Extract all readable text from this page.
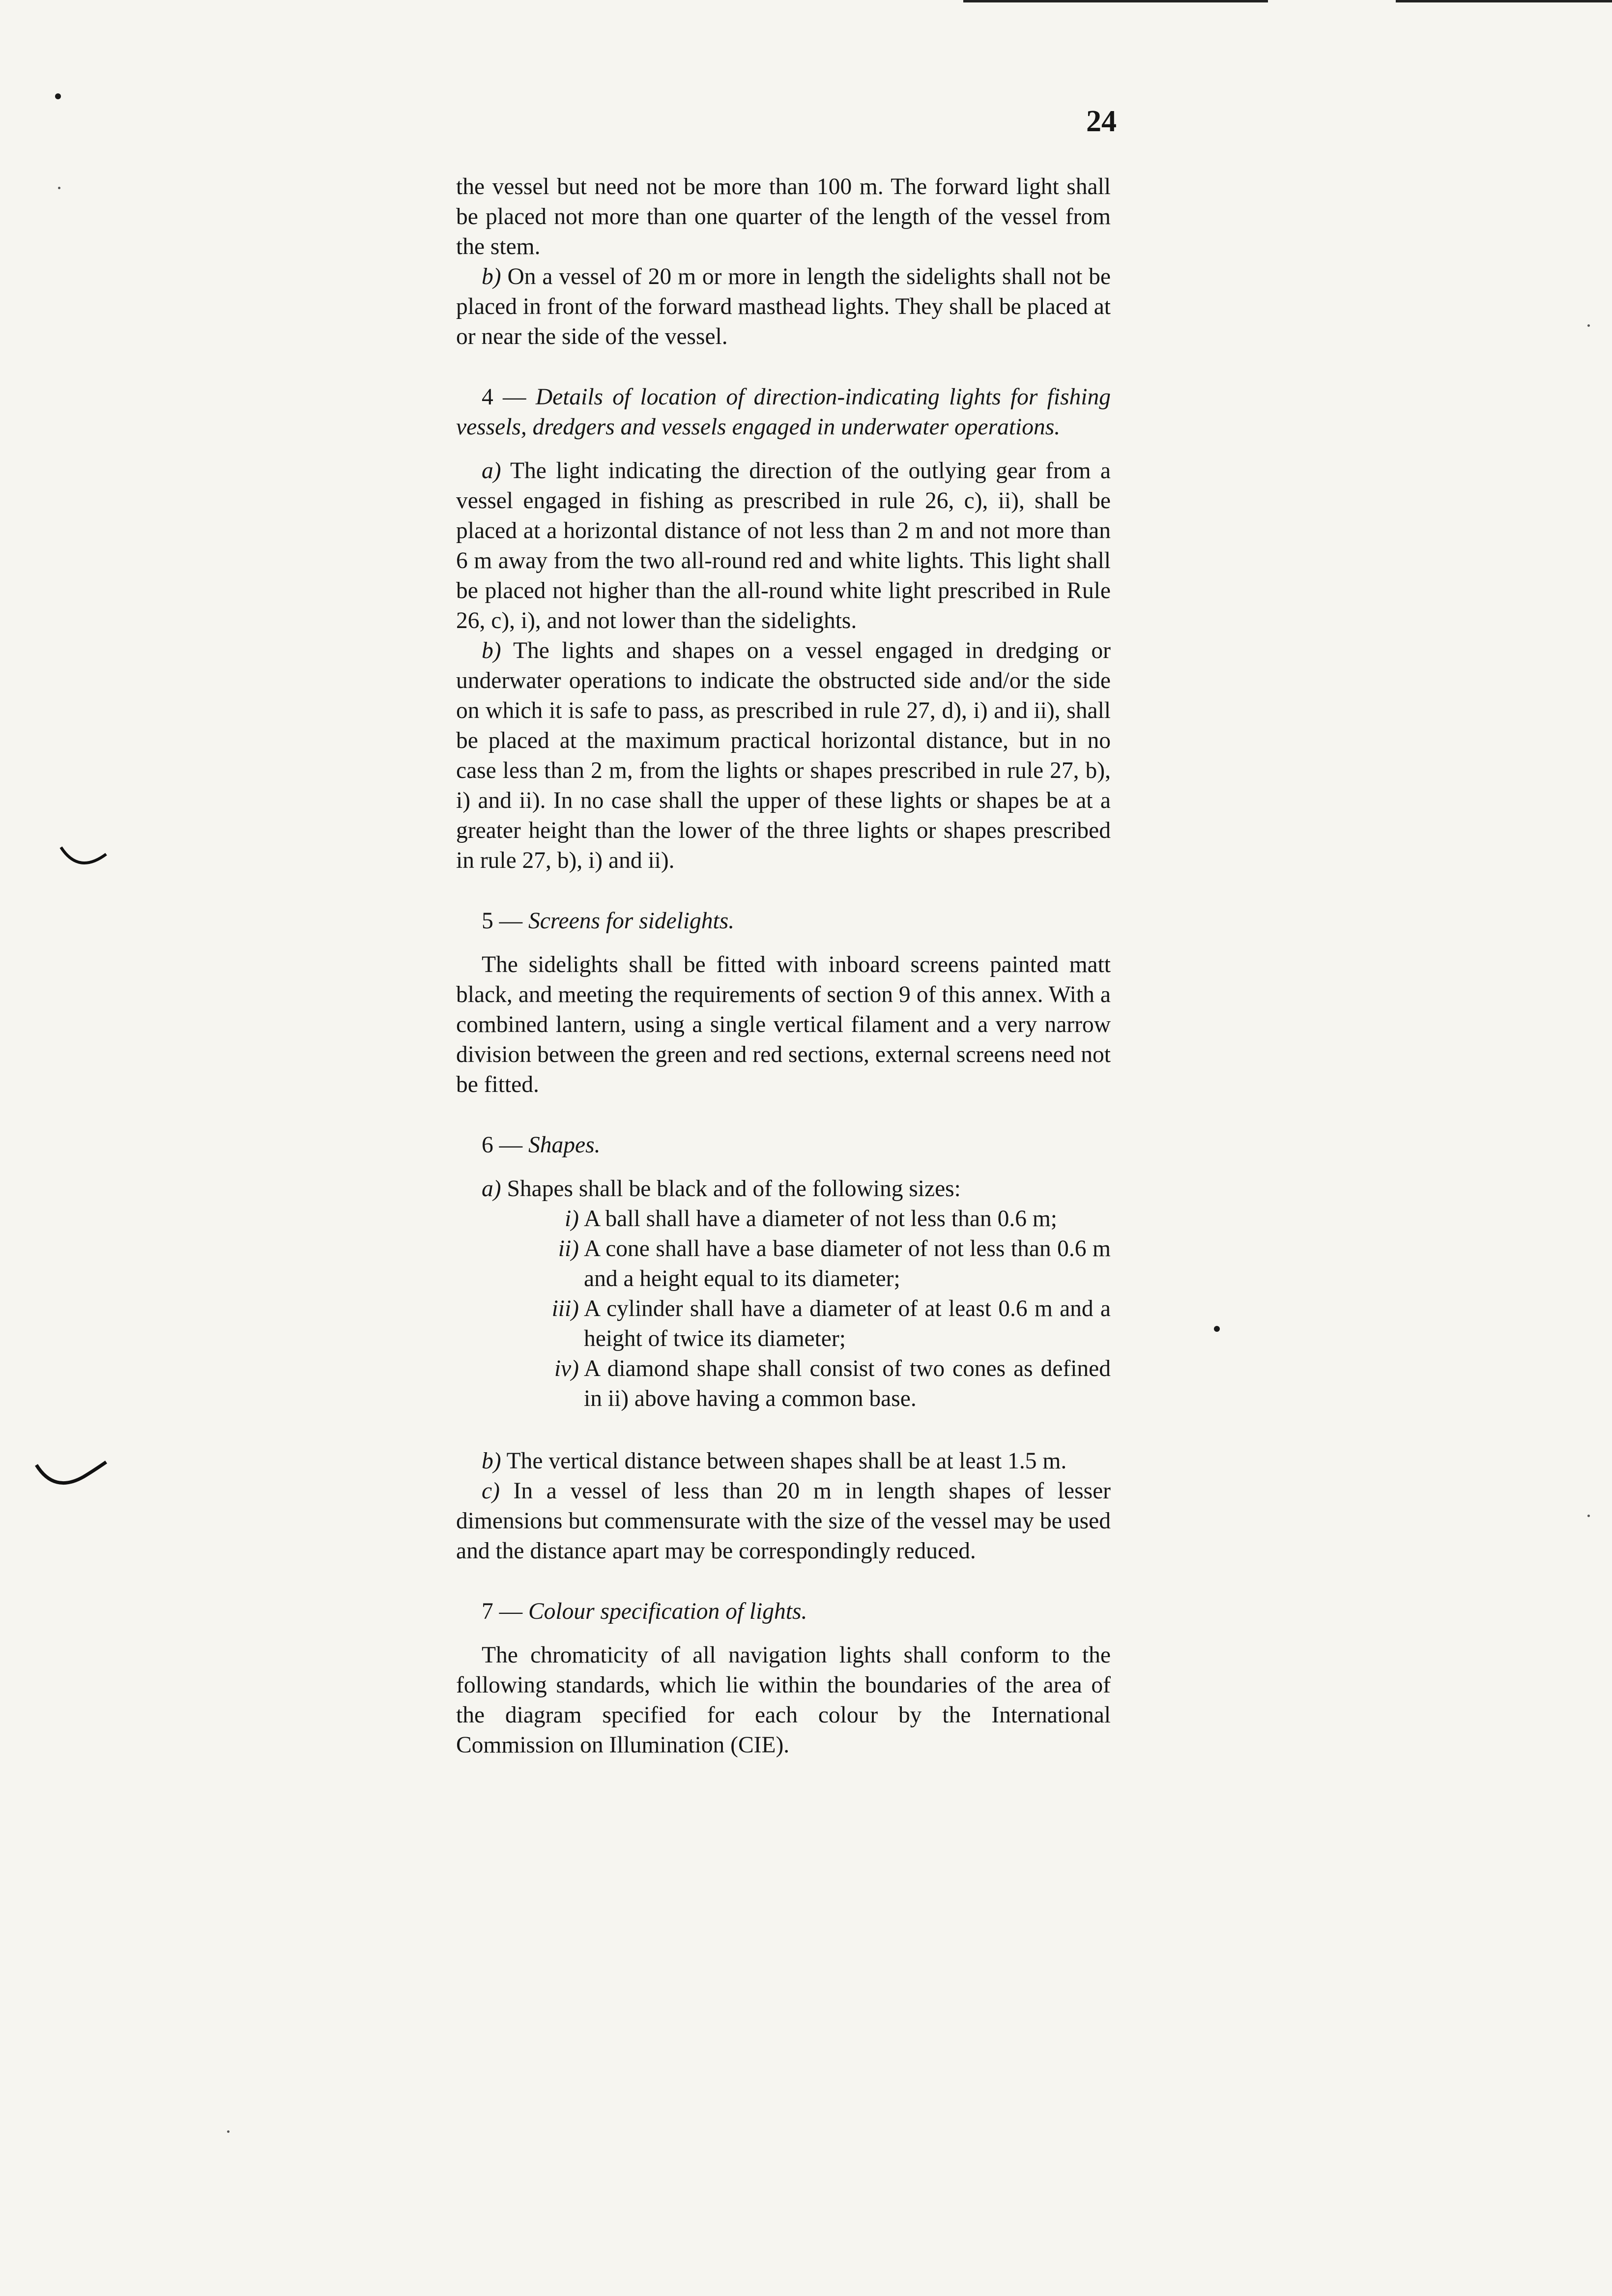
24

the vessel but need not be more than 100 m. The forward light shall be placed not more than one quarter of the length of the vessel from the stem.

b) On a vessel of 20 m or more in length the sidelights shall not be placed in front of the forward masthead lights. They shall be placed at or near the side of the vessel.

4 — Details of location of direction-indicating lights for fishing vessels, dredgers and vessels engaged in underwater operations.

a) The light indicating the direction of the outlying gear from a vessel engaged in fishing as prescribed in rule 26, c), ii), shall be placed at a horizontal distance of not less than 2 m and not more than 6 m away from the two all-round red and white lights. This light shall be placed not higher than the all-round white light prescribed in Rule 26, c), i), and not lower than the sidelights.

b) The lights and shapes on a vessel engaged in dredging or underwater operations to indicate the obstructed side and/or the side on which it is safe to pass, as prescribed in rule 27, d), i) and ii), shall be placed at the maximum practical horizontal distance, but in no case less than 2 m, from the lights or shapes prescribed in rule 27, b), i) and ii). In no case shall the upper of these lights or shapes be at a greater height than the lower of the three lights or shapes prescribed in rule 27, b), i) and ii).

5 — Screens for sidelights.

The sidelights shall be fitted with inboard screens painted matt black, and meeting the requirements of section 9 of this annex. With a combined lantern, using a single vertical filament and a very narrow division between the green and red sections, external screens need not be fitted.

6 — Shapes.

a) Shapes shall be black and of the following sizes:

i) A ball shall have a diameter of not less than 0.6 m;
ii) A cone shall have a base diameter of not less than 0.6 m and a height equal to its diameter;
iii) A cylinder shall have a diameter of at least 0.6 m and a height of twice its diameter;
iv) A diamond shape shall consist of two cones as defined in ii) above having a common base.

b) The vertical distance between shapes shall be at least 1.5 m.

c) In a vessel of less than 20 m in length shapes of lesser dimensions but commensurate with the size of the vessel may be used and the distance apart may be correspondingly reduced.

7 — Colour specification of lights.

The chromaticity of all navigation lights shall conform to the following standards, which lie within the boundaries of the area of the diagram specified for each colour by the International Commission on Illumination (CIE).
